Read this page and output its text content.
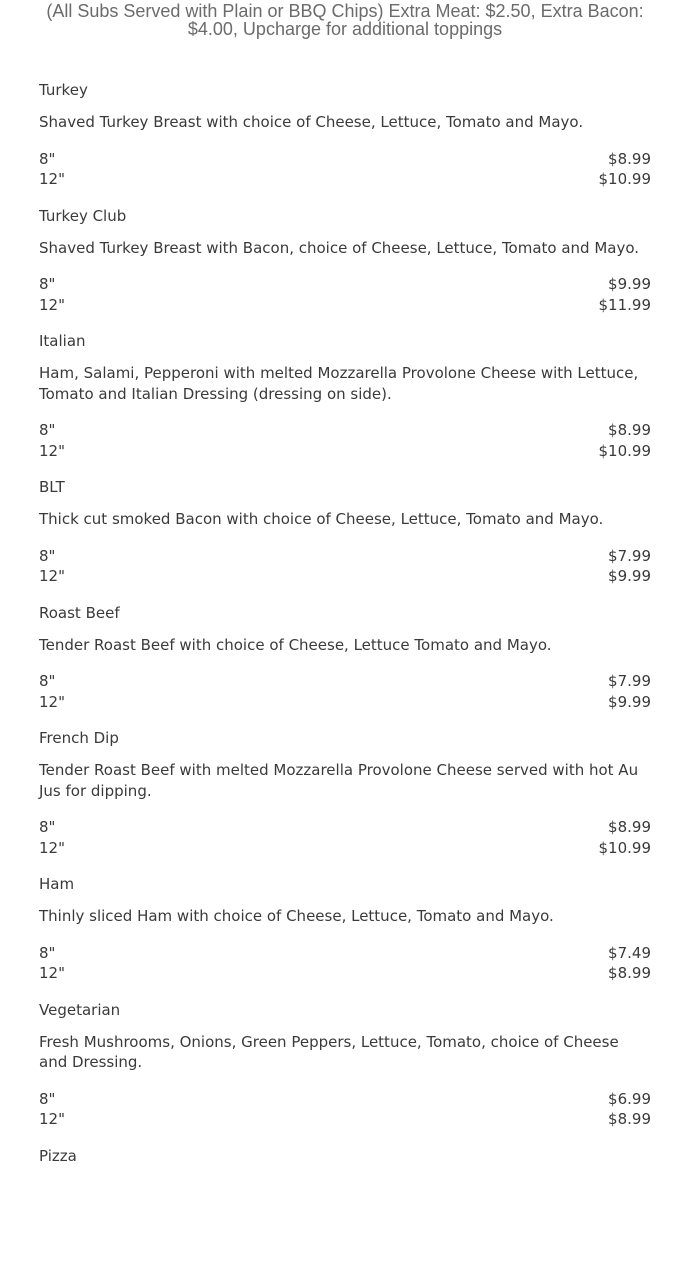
(All Subs Served with Plain or BBQ Chips) Extra Meat: $2.50, Extra Bacon: $4.00, Upcharge for additional toppings
Turkey
Shaved Turkey Breast with choice of Cheese, Lettuce, Tomato and Mayo.
8"	$8.99
12"	$10.99
Turkey Club
Shaved Turkey Breast with Bacon, choice of Cheese, Lettuce, Tomato and Mayo.
8"	$9.99
12"	$11.99
Italian
Ham, Salami, Pepperoni with melted Mozzarella Provolone Cheese with Lettuce, Tomato and Italian Dressing (dressing on side).
8"	$8.99
12"	$10.99
BLT
Thick cut smoked Bacon with choice of Cheese, Lettuce, Tomato and Mayo.
8"	$7.99
12"	$9.99
Roast Beef
Tender Roast Beef with choice of Cheese, Lettuce Tomato and Mayo.
8"	$7.99
12"	$9.99
French Dip
Tender Roast Beef with melted Mozzarella Provolone Cheese served with hot Au Jus for dipping.
8"	$8.99
12"	$10.99
Ham
Thinly sliced Ham with choice of Cheese, Lettuce, Tomato and Mayo.
8"	$7.49
12"	$8.99
Vegetarian
Fresh Mushrooms, Onions, Green Peppers, Lettuce, Tomato, choice of Cheese and Dressing.
8"	$6.99
12"	$8.99
Pizza
